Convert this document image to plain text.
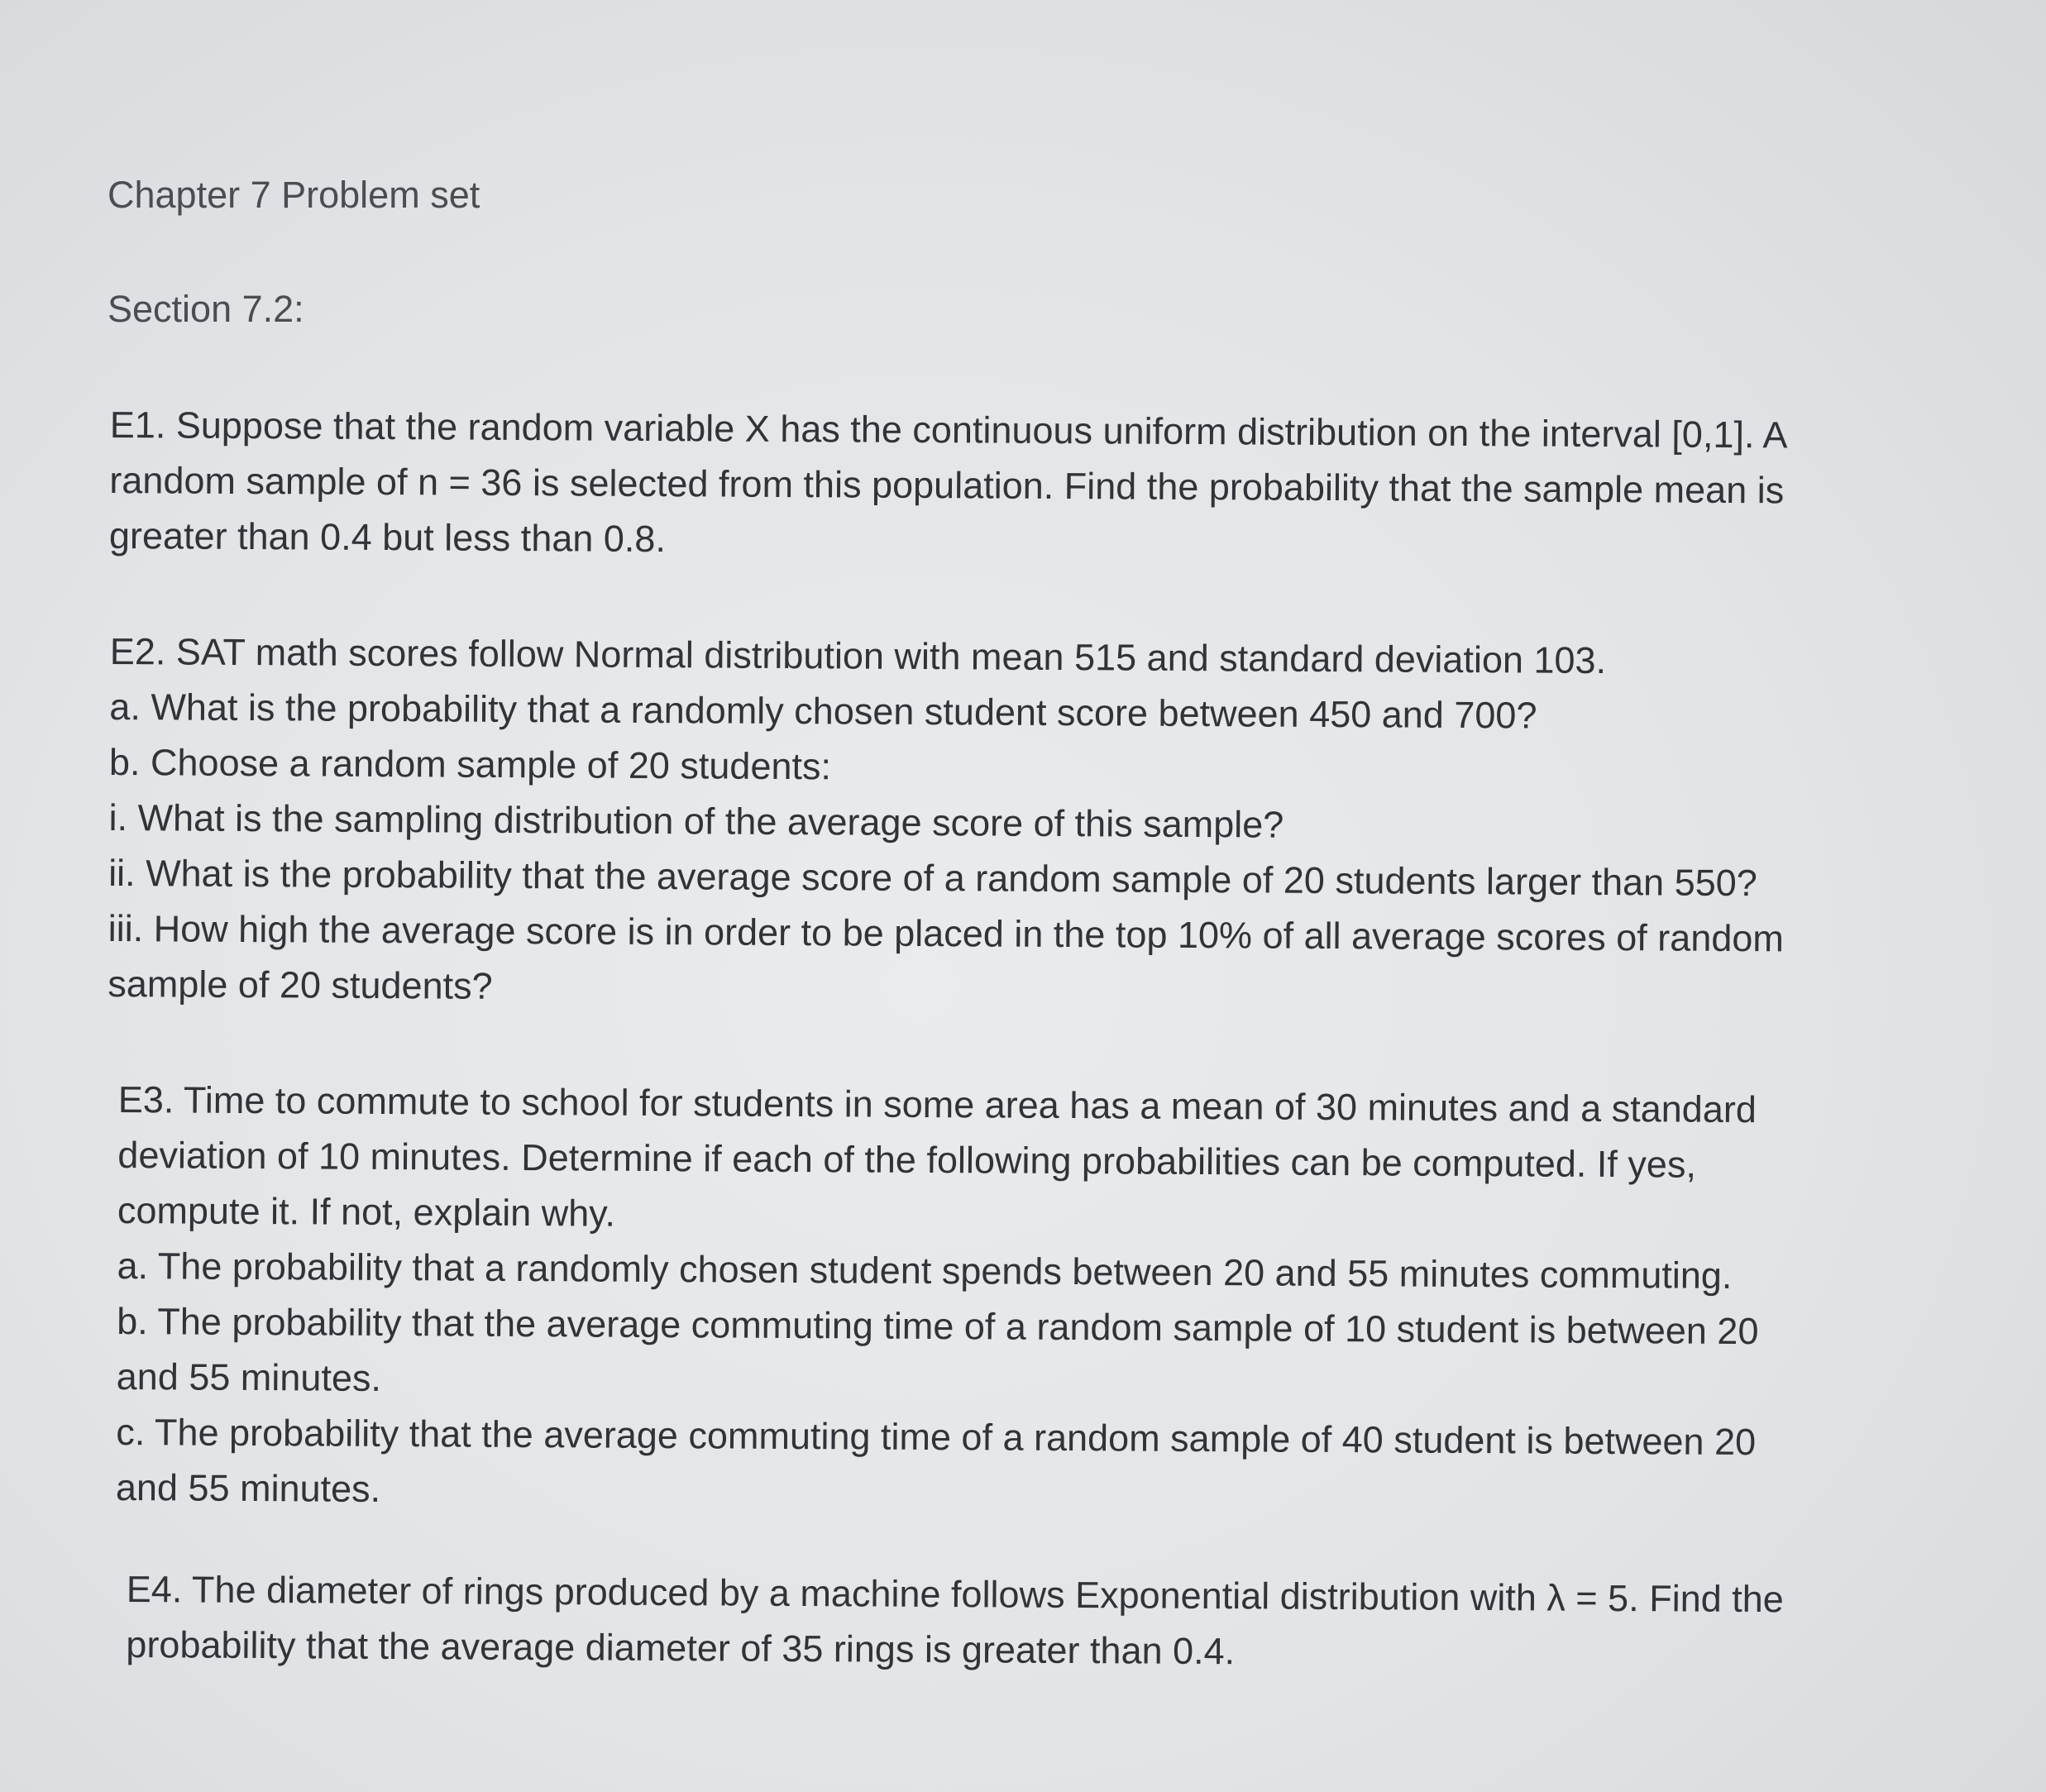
Chapter 7 Problem set
Section 7.2:

E1. Suppose that the random variable X has the continuous uniform distribution on the interval [0,1]. A

random sample of n = 36 is selected from this population. Find the probability that the sample mean is

greater than 0.4 but less than 0.8.

E2. SAT math scores follow Normal distribution with mean 515 and standard deviation 103.

a. What is the probability that a randomly chosen student score between 450 and 700?

b. Choose a random sample of 20 students:

i. What is the sampling distribution of the average score of this sample?

ii. What is the probability that the average score of a random sample of 20 students larger than 550?

iii. How high the average score is in order to be placed in the top 10% of all average scores of random

sample of 20 students?

E3. Time to commute to school for students in some area has a mean of 30 minutes and a standard

deviation of 10 minutes. Determine if each of the following probabilities can be computed. If yes,

compute it. If not, explain why.

a. The probability that a randomly chosen student spends between 20 and 55 minutes commuting.

b. The probability that the average commuting time of a random sample of 10 student is between 20

and 55 minutes.

c. The probability that the average commuting time of a random sample of 40 student is between 20

and 55 minutes.

E4. The diameter of rings produced by a machine follows Exponential distribution with λ = 5. Find the

probability that the average diameter of 35 rings is greater than 0.4.
